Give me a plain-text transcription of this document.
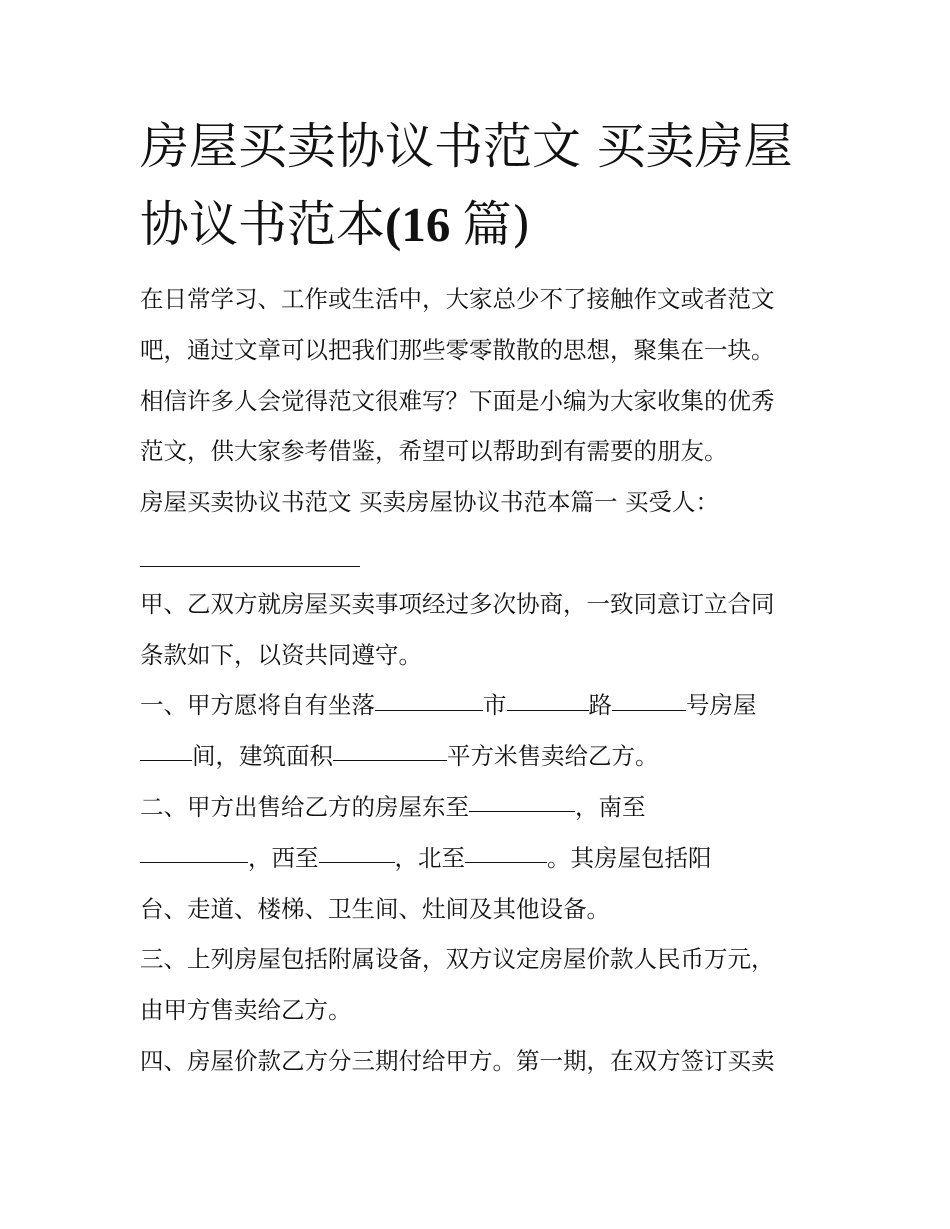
房屋买卖协议书范文 买卖房屋
协议书范本(16 篇)
在日常学习、工作或生活中，大家总少不了接触作文或者范文
吧，通过文章可以把我们那些零零散散的思想，聚集在一块。
相信许多人会觉得范文很难写？下面是小编为大家收集的优秀
范文，供大家参考借鉴，希望可以帮助到有需要的朋友。
房屋买卖协议书范文 买卖房屋协议书范本篇一 买受人：
甲、乙双方就房屋买卖事项经过多次协商，一致同意订立合同
条款如下，以资共同遵守。
一、甲方愿将自有坐落	市	路	号房屋
间，建筑面积	平方米售卖给乙方。
二、甲方出售给乙方的房屋东至	，南至
，西至	，北至	。其房屋包括阳
台、走道、楼梯、卫生间、灶间及其他设备。
三、上列房屋包括附属设备，双方议定房屋价款人民币万元，
由甲方售卖给乙方。
四、房屋价款乙方分三期付给甲方。第一期，在双方签订买卖
